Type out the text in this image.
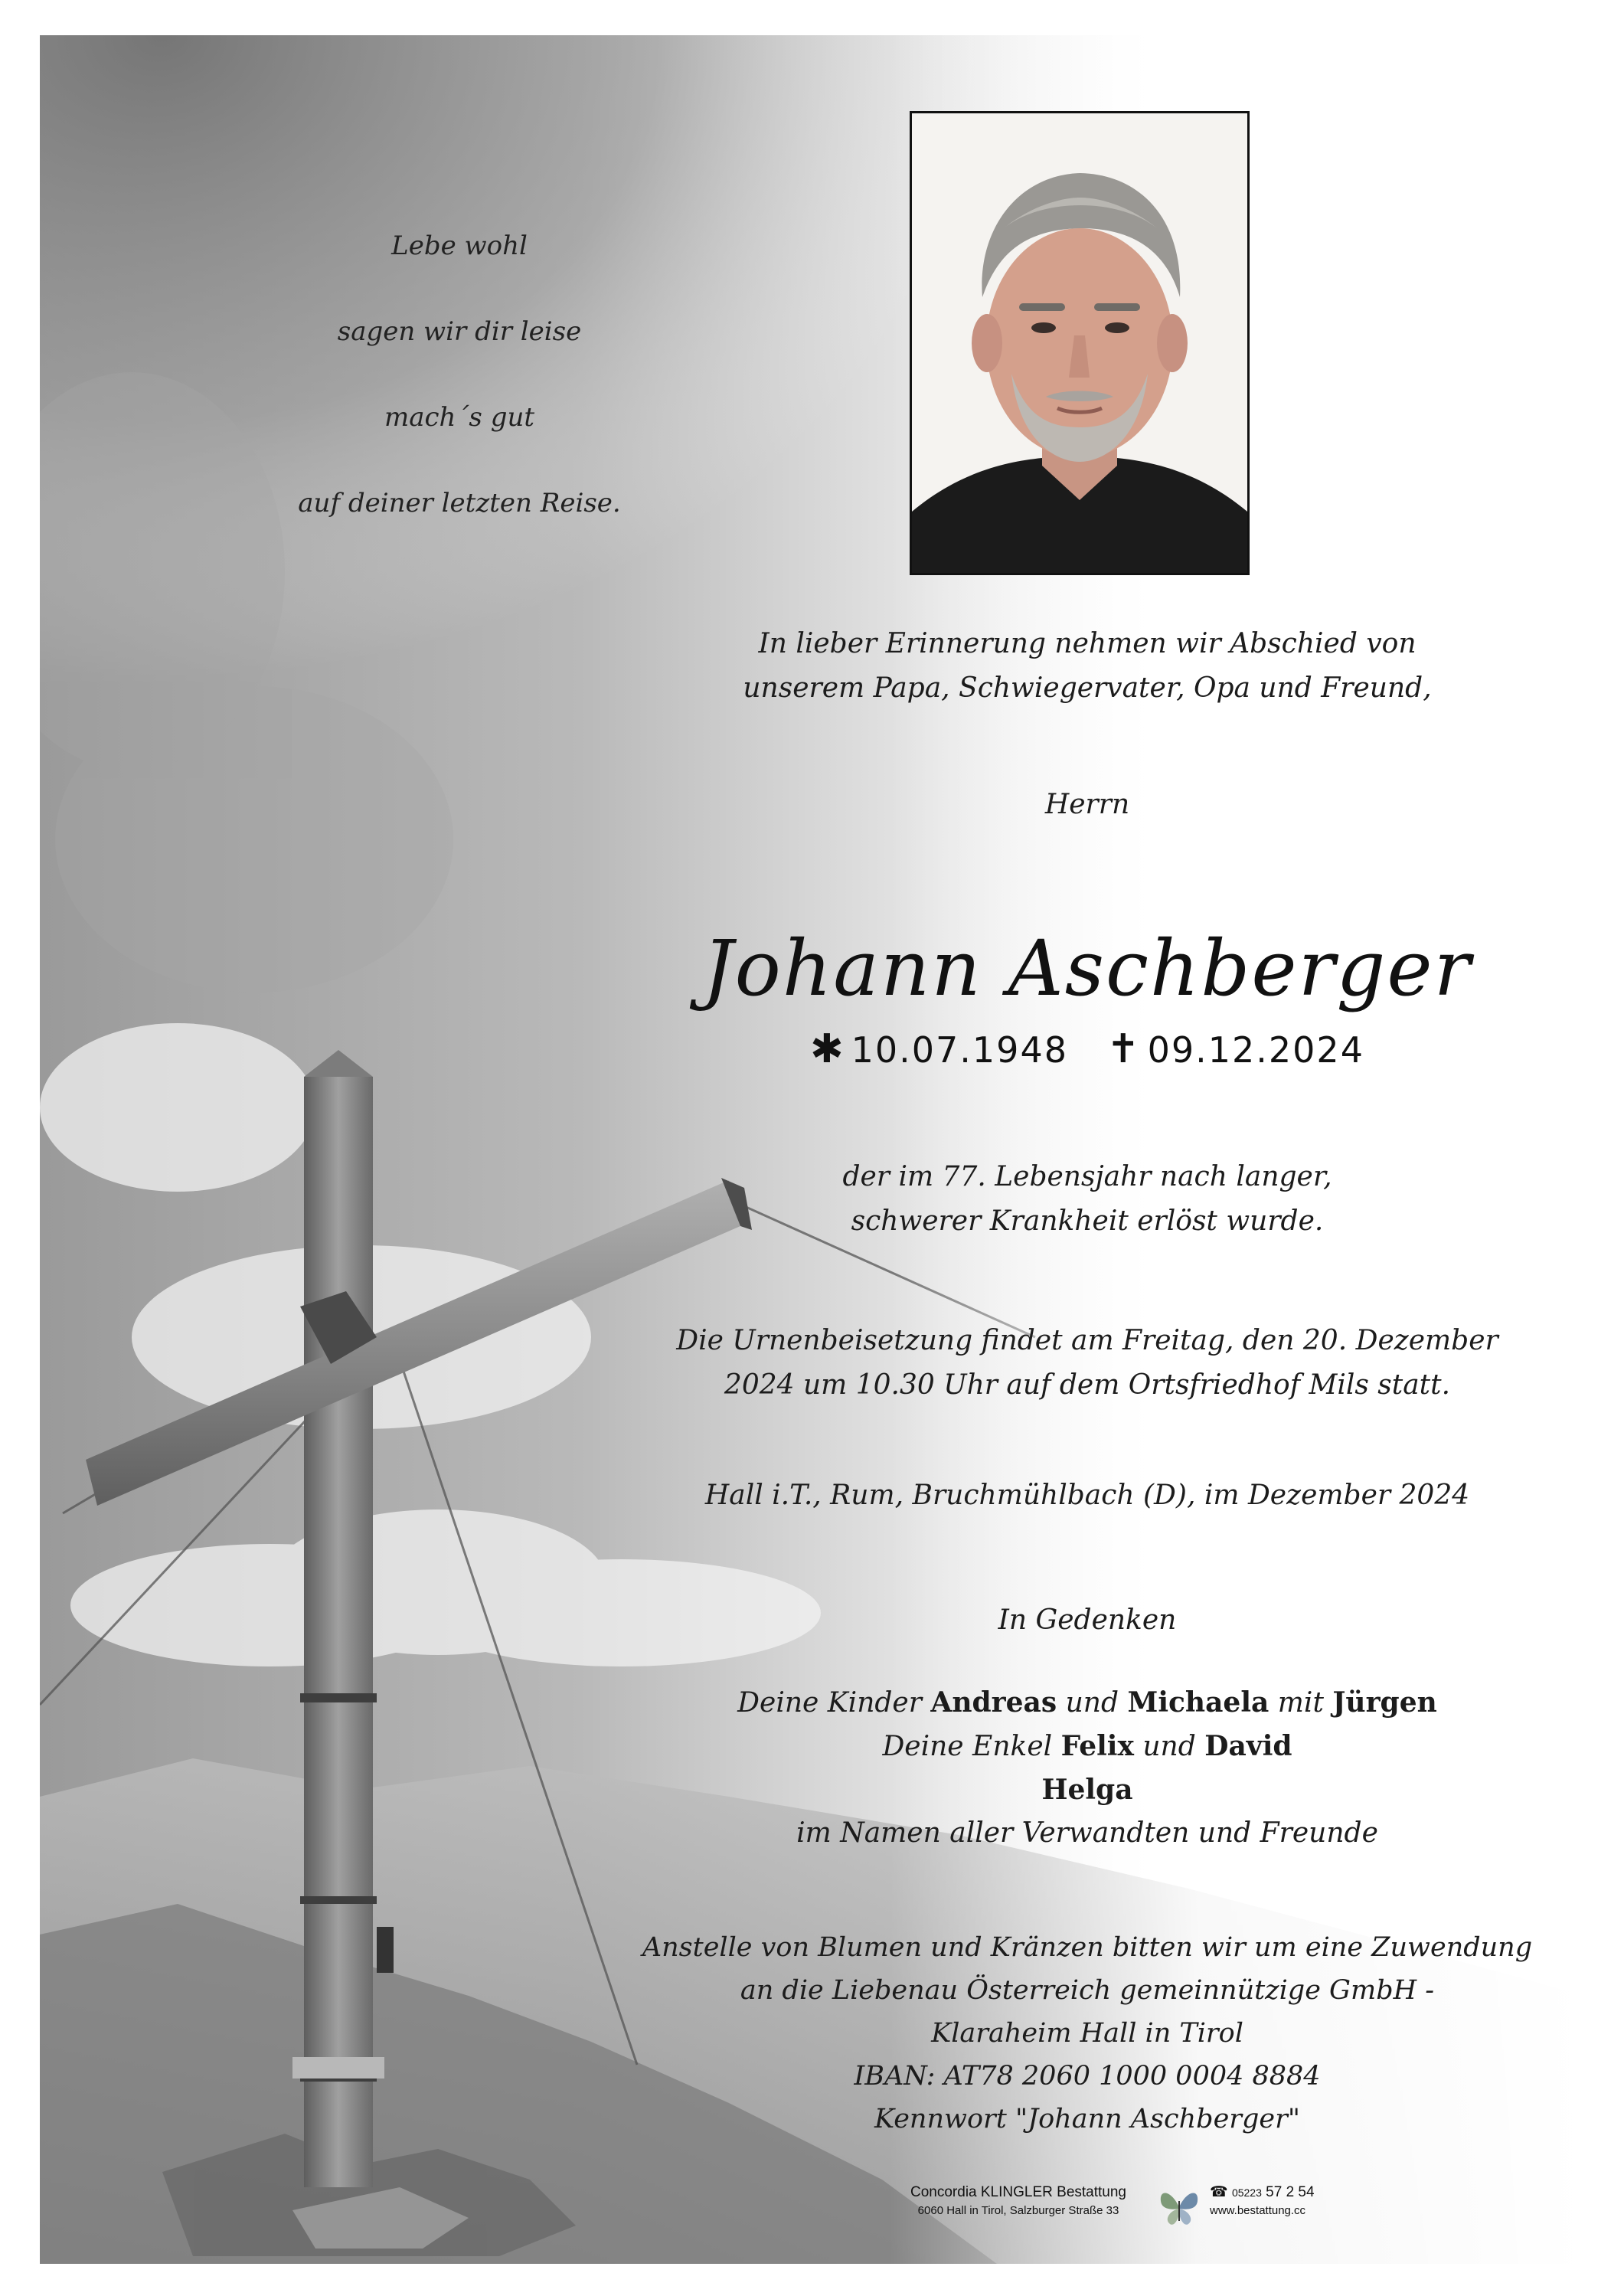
Lebe wohl
sagen wir dir leise
mach´s gut
auf deiner letzten Reise.
In lieber Erinnerung nehmen wir Abschied von
unserem Papa, Schwiegervater, Opa und Freund,
Herrn
Johann Aschberger
✱ 10.07.1948 ✝ 09.12.2024
der im 77. Lebensjahr nach langer,
schwerer Krankheit erlöst wurde.
Die Urnenbeisetzung findet am Freitag, den 20. Dezember
2024 um 10.30 Uhr auf dem Ortsfriedhof Mils statt.
Hall i.T., Rum, Bruchmühlbach (D), im Dezember 2024
In Gedenken
Deine Kinder Andreas und Michaela mit Jürgen
Deine Enkel Felix und David
Helga
im Namen aller Verwandten und Freunde
Anstelle von Blumen und Kränzen bitten wir um eine Zuwendung
an die Liebenau Österreich gemeinnützige GmbH -
Klaraheim Hall in Tirol
IBAN: AT78 2060 1000 0004 8884
Kennwort "Johann Aschberger"
Concordia KLINGLER Bestattung
6060 Hall in Tirol, Salzburger Straße 33
☎ 05223 57 2 54
www.bestattung.cc
